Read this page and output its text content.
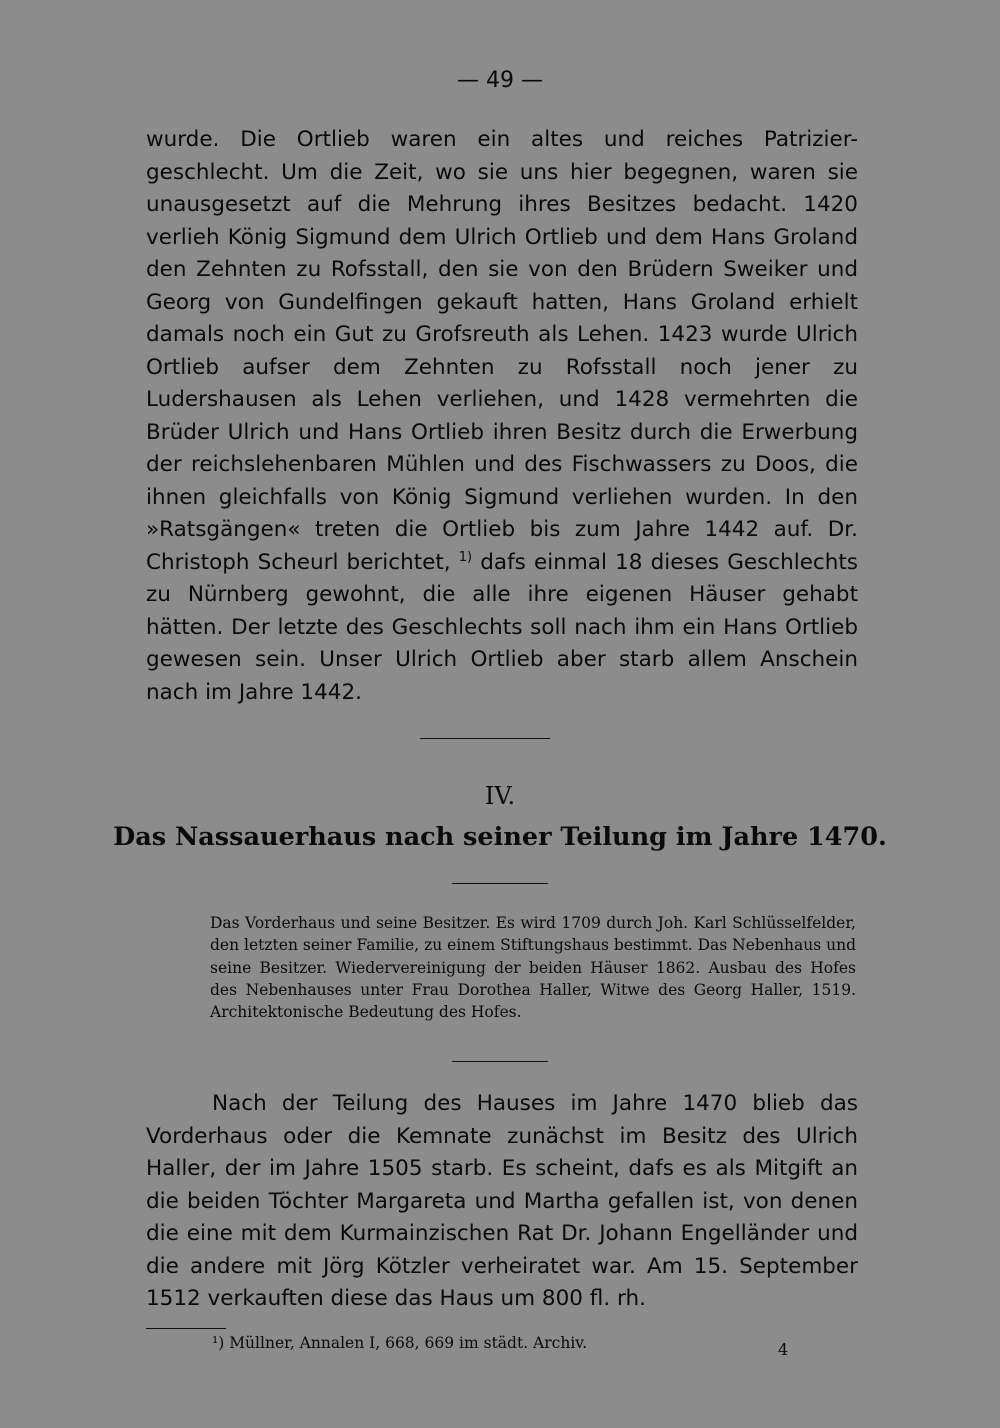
— 49 —
wurde. Die Ortlieb waren ein altes und reiches Patrizier-geschlecht. Um die Zeit, wo sie uns hier begegnen, waren sie unausgesetzt auf die Mehrung ihres Besitzes bedacht. 1420 verlieh König Sigmund dem Ulrich Ortlieb und dem Hans Groland den Zehnten zu Rofsstall, den sie von den Brüdern Sweiker und Georg von Gundelfingen gekauft hatten, Hans Groland erhielt damals noch ein Gut zu Grofsreuth als Lehen. 1423 wurde Ulrich Ortlieb aufser dem Zehnten zu Rofsstall noch jener zu Ludershausen als Lehen verliehen, und 1428 vermehrten die Brüder Ulrich und Hans Ortlieb ihren Besitz durch die Erwerbung der reichslehenbaren Mühlen und des Fischwassers zu Doos, die ihnen gleichfalls von König Sigmund verliehen wurden. In den »Ratsgängen« treten die Ortlieb bis zum Jahre 1442 auf. Dr. Christoph Scheurl berichtet, $^{1)}$ dafs einmal 18 dieses Geschlechts zu Nürnberg gewohnt, die alle ihre eigenen Häuser gehabt hätten. Der letzte des Geschlechts soll nach ihm ein Hans Ortlieb gewesen sein. Unser Ulrich Ortlieb aber starb allem Anschein nach im Jahre 1442.
IV.
Das Nassauerhaus nach seiner Teilung im Jahre 1470.
Das Vorderhaus und seine Besitzer. Es wird 1709 durch Joh. Karl Schlüsselfelder, den letzten seiner Familie, zu einem Stiftungshaus bestimmt. Das Nebenhaus und seine Besitzer. Wiedervereinigung der beiden Häuser 1862. Ausbau des Hofes des Nebenhauses unter Frau Dorothea Haller, Witwe des Georg Haller, 1519. Architektonische Bedeutung des Hofes.
Nach der Teilung des Hauses im Jahre 1470 blieb das Vorderhaus oder die Kemnate zunächst im Besitz des Ulrich Haller, der im Jahre 1505 starb. Es scheint, dafs es als Mitgift an die beiden Töchter Margareta und Martha gefallen ist, von denen die eine mit dem Kurmainzischen Rat Dr. Johann Engelländer und die andere mit Jörg Kötzler verheiratet war. Am 15. September 1512 verkauften diese das Haus um 800 fl. rh.
¹) Müllner, Annalen I, 668, 669 im städt. Archiv.	4
